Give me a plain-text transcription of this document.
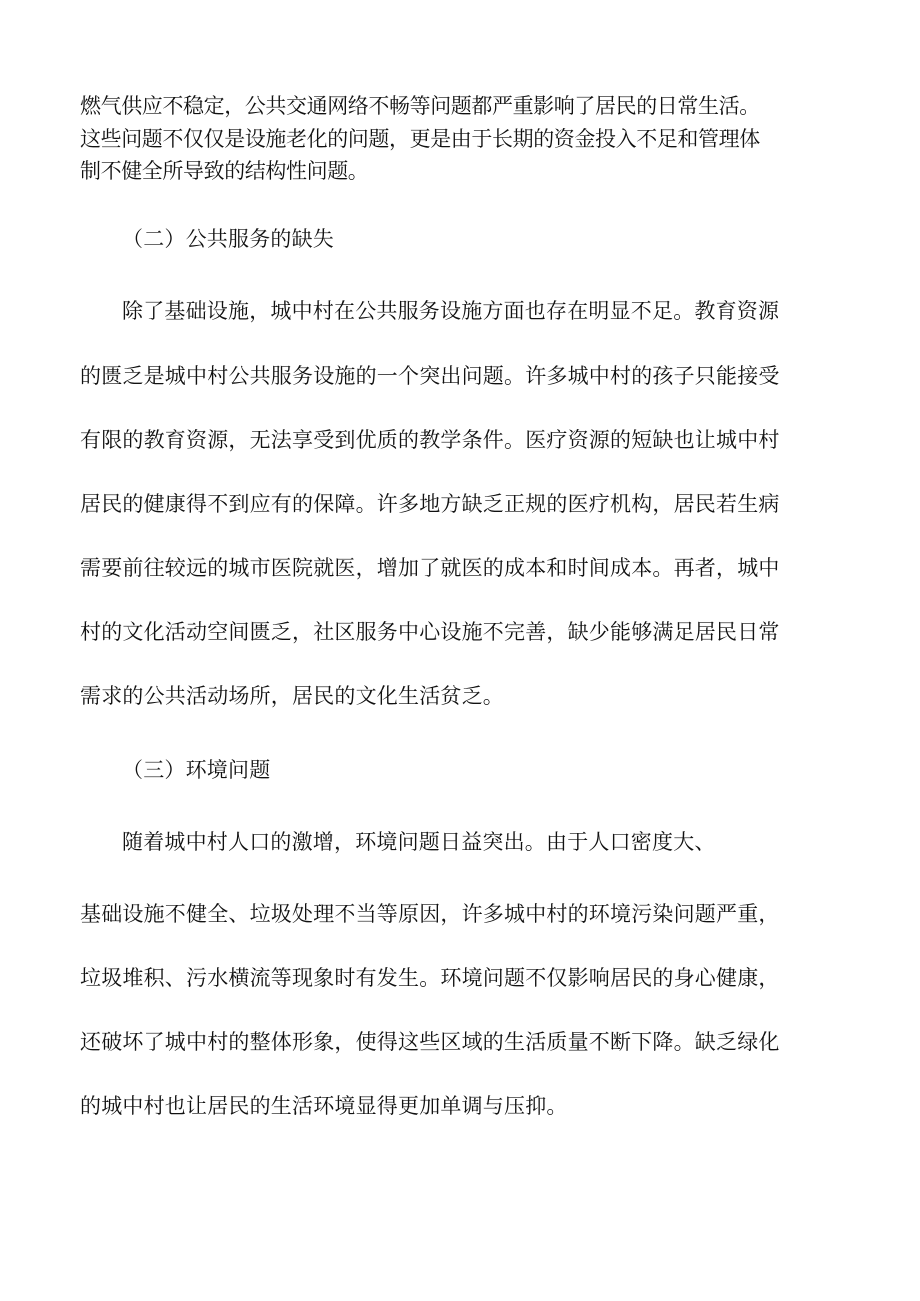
燃气供应不稳定，公共交通网络不畅等问题都严重影响了居民的日常生活。
这些问题不仅仅是设施老化的问题，更是由于长期的资金投入不足和管理体
制不健全所导致的结构性问题。
（二）公共服务的缺失
除了基础设施，城中村在公共服务设施方面也存在明显不足。教育资源
的匮乏是城中村公共服务设施的一个突出问题。许多城中村的孩子只能接受
有限的教育资源，无法享受到优质的教学条件。医疗资源的短缺也让城中村
居民的健康得不到应有的保障。许多地方缺乏正规的医疗机构，居民若生病
需要前往较远的城市医院就医，增加了就医的成本和时间成本。再者，城中
村的文化活动空间匮乏，社区服务中心设施不完善，缺少能够满足居民日常
需求的公共活动场所，居民的文化生活贫乏。
（三）环境问题
随着城中村人口的激增，环境问题日益突出。由于人口密度大、
基础设施不健全、垃圾处理不当等原因，许多城中村的环境污染问题严重，
垃圾堆积、污水横流等现象时有发生。环境问题不仅影响居民的身心健康，
还破坏了城中村的整体形象，使得这些区域的生活质量不断下降。缺乏绿化
的城中村也让居民的生活环境显得更加单调与压抑。
